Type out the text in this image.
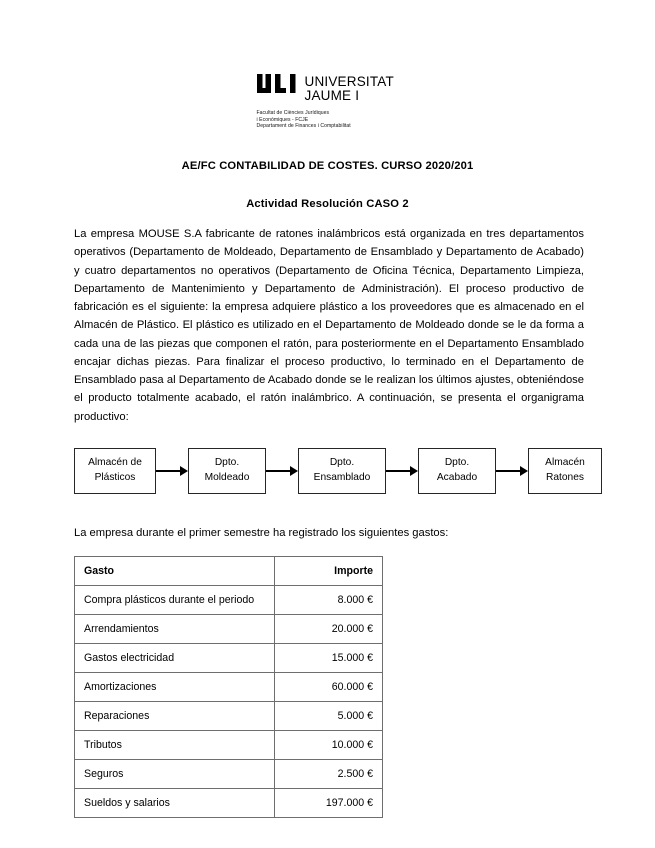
UNIVERSITAT
JAUME I
Facultat de Ciències Jurídiques
i Econòmiques - FCJE
Departament de Finances i Comptabilitat
AE/FC CONTABILIDAD DE COSTES. CURSO 2020/201
Actividad Resolución CASO 2

La empresa MOUSE S.A fabricante de ratones inalámbricos está organizada en tres departamentos operativos (Departamento de Moldeado, Departamento de Ensamblado y Departamento de Acabado) y cuatro departamentos no operativos (Departamento de Oficina Técnica, Departamento Limpieza, Departamento de Mantenimiento y Departamento de Administración). El proceso productivo de fabricación es el siguiente: la empresa adquiere plástico a los proveedores que es almacenado en el Almacén de Plástico. El plástico es utilizado en el Departamento de Moldeado donde se le da forma a cada una de las piezas que componen el ratón, para posteriormente en el Departamento Ensamblado encajar dichas piezas. Para finalizar el proceso productivo, lo terminado en el Departamento de Ensamblado pasa al Departamento de Acabado donde se le realizan los últimos ajustes, obteniéndose el producto totalmente acabado, el ratón inalámbrico. A continuación, se presenta el organigrama productivo:

Almacén de
Plásticos
Dpto.
Moldeado
Dpto.
Ensamblado
Dpto.
Acabado
Almacén
Ratones

La empresa durante el primer semestre ha registrado los siguientes gastos:

Gasto	Importe
Compra plásticos durante el periodo	8.000 €
Arrendamientos	20.000 €
Gastos electricidad	15.000 €
Amortizaciones	60.000 €
Reparaciones	5.000 €
Tributos	10.000 €
Seguros	2.500 €
Sueldos y salarios	197.000 €
